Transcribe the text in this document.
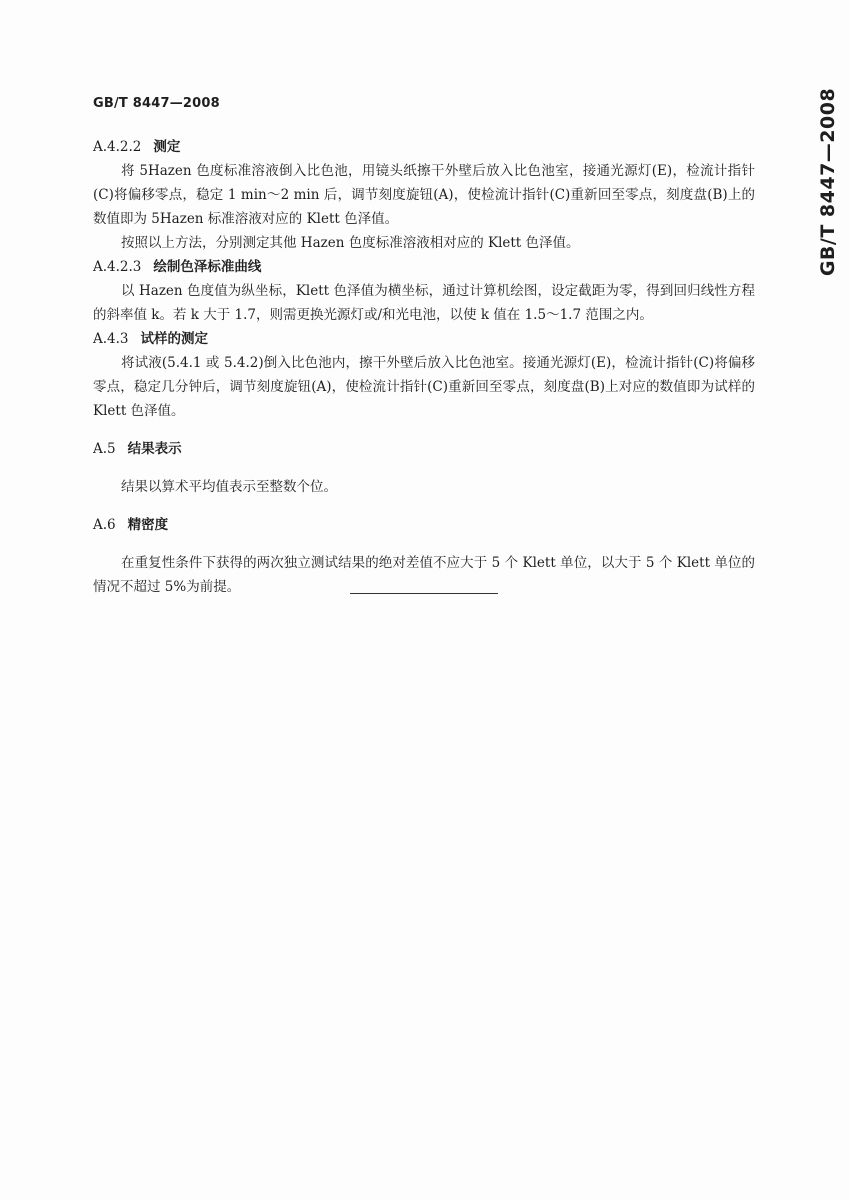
GB/T 8447—2008	GB/T 8447—2008

A.4.2.2 测定

将 5Hazen 色度标准溶液倒入比色池，用镜头纸擦干外壁后放入比色池室，接通光源灯(E)，检流计指针(C)将偏移零点，稳定 1 min～2 min 后，调节刻度旋钮(A)，使检流计指针(C)重新回至零点，刻度盘(B)上的数值即为 5Hazen 标准溶液对应的 Klett 色泽值。

按照以上方法，分别测定其他 Hazen 色度标准溶液相对应的 Klett 色泽值。

A.4.2.3 绘制色泽标准曲线

以 Hazen 色度值为纵坐标，Klett 色泽值为横坐标，通过计算机绘图，设定截距为零，得到回归线性方程的斜率值 k。若 k 大于 1.7，则需更换光源灯或/和光电池，以使 k 值在 1.5～1.7 范围之内。

A.4.3 试样的测定

将试液(5.4.1 或 5.4.2)倒入比色池内，擦干外壁后放入比色池室。接通光源灯(E)，检流计指针(C)将偏移零点，稳定几分钟后，调节刻度旋钮(A)，使检流计指针(C)重新回至零点，刻度盘(B)上对应的数值即为试样的 Klett 色泽值。

A.5 结果表示

结果以算术平均值表示至整数个位。

A.6 精密度

在重复性条件下获得的两次独立测试结果的绝对差值不应大于 5 个 Klett 单位，以大于 5 个 Klett 单位的情况不超过 5%为前提。
